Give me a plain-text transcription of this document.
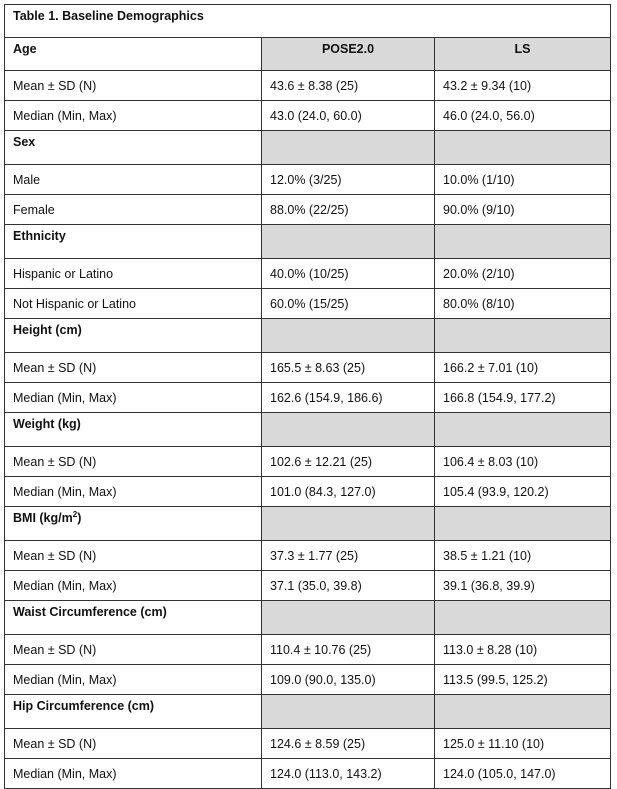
Table 1. Baseline Demographics		
Age	POSE2.0	LS
Mean ± SD (N)	43.6 ± 8.38 (25)	43.2 ± 9.34 (10)
Median (Min, Max)	43.0 (24.0, 60.0)	46.0 (24.0, 56.0)
Sex		
Male	12.0% (3/25)	10.0% (1/10)
Female	88.0% (22/25)	90.0% (9/10)
Ethnicity		
Hispanic or Latino	40.0% (10/25)	20.0% (2/10)
Not Hispanic or Latino	60.0% (15/25)	80.0% (8/10)
Height (cm)		
Mean ± SD (N)	165.5 ± 8.63 (25)	166.2 ± 7.01 (10)
Median (Min, Max)	162.6 (154.9, 186.6)	166.8 (154.9, 177.2)
Weight (kg)		
Mean ± SD (N)	102.6 ± 12.21 (25)	106.4 ± 8.03 (10)
Median (Min, Max)	101.0 (84.3, 127.0)	105.4 (93.9, 120.2)
BMI $(kg/m^2)$		
Mean ± SD (N)	37.3 ± 1.77 (25)	38.5 ± 1.21 (10)
Median (Min, Max)	37.1 (35.0, 39.8)	39.1 (36.8, 39.9)
Waist Circumference (cm)		
Mean ± SD (N)	110.4 ± 10.76 (25)	113.0 ± 8.28 (10)
Median (Min, Max)	109.0 (90.0, 135.0)	113.5 (99.5, 125.2)
Hip Circumference (cm)		
Mean ± SD (N)	124.6 ± 8.59 (25)	125.0 ± 11.10 (10)
Median (Min, Max)	124.0 (113.0, 143.2)	124.0 (105.0, 147.0)
